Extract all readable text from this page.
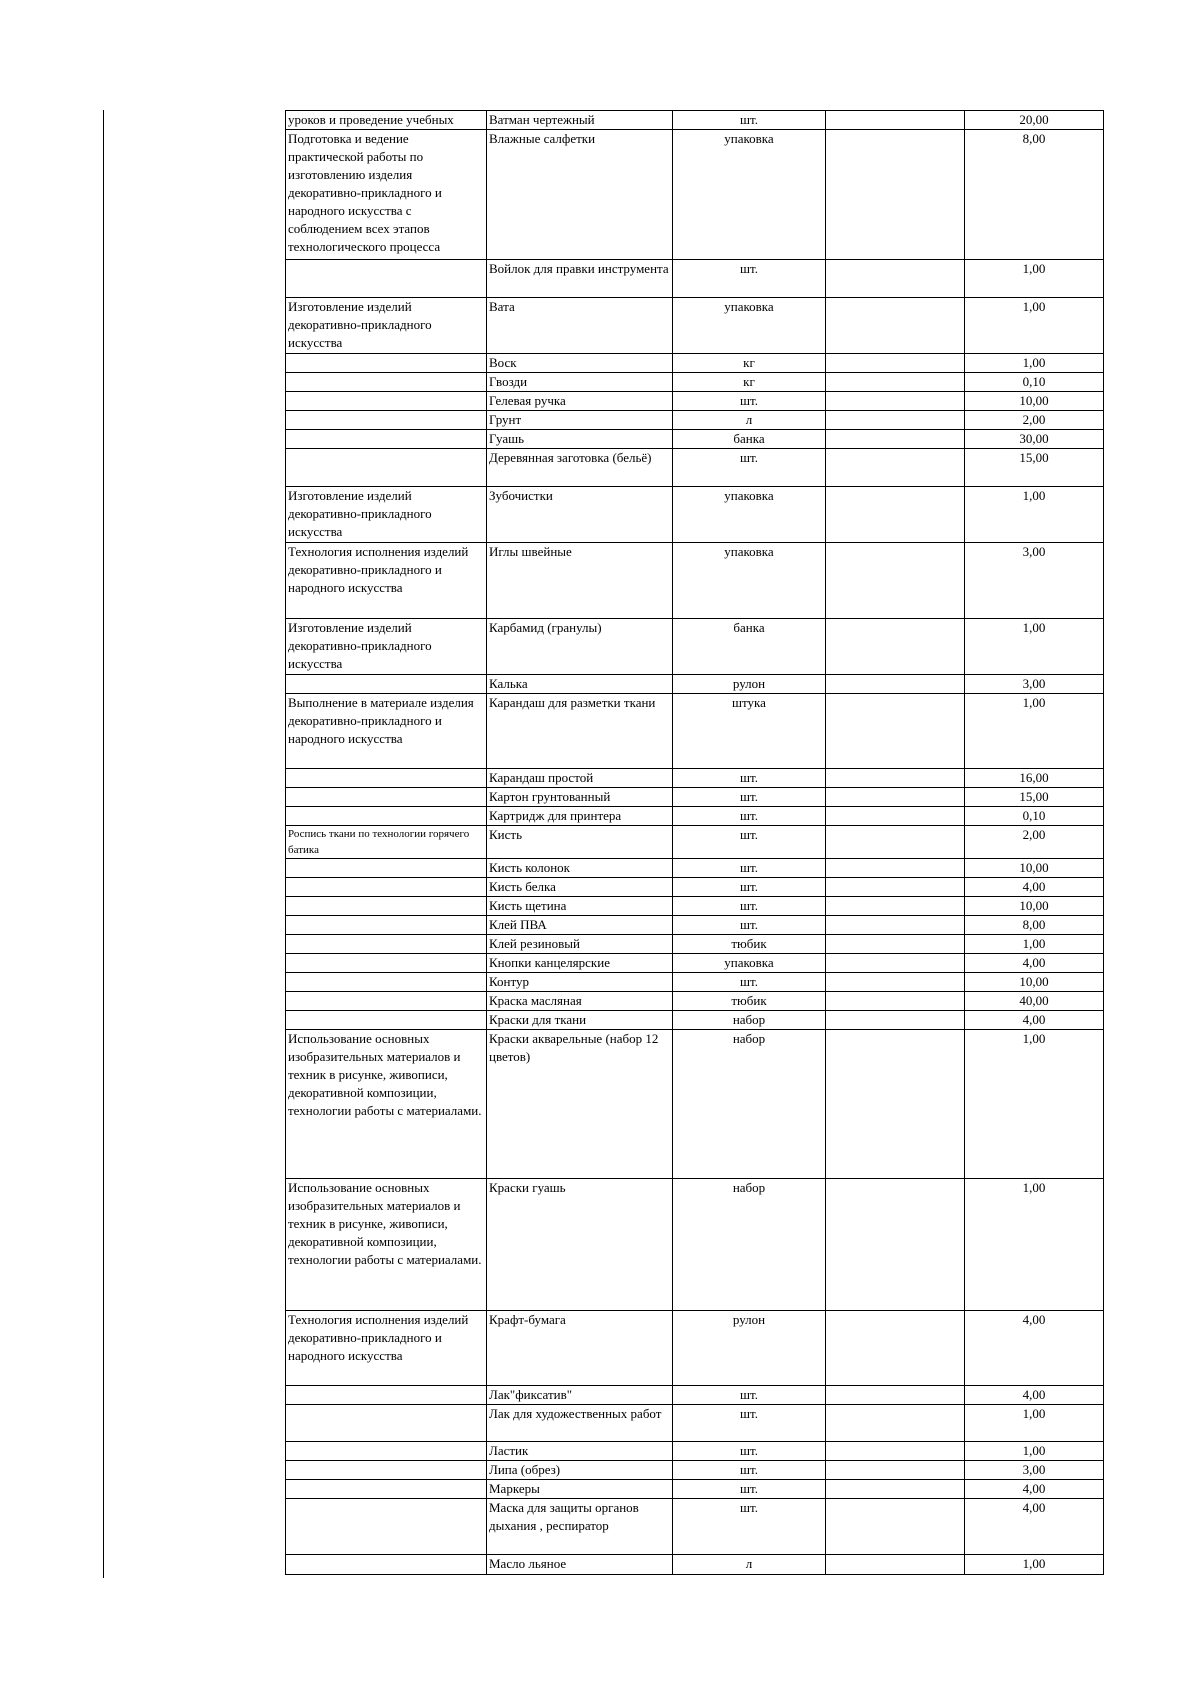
уроков и проведение учебных	Ватман чертежный	шт.		20,00
Подготовка и ведение практической работы по изготовлению изделия декоративно-прикладного и народного искусства с соблюдением всех этапов технологического процесса	Влажные салфетки	упаковка		8,00
	Войлок для правки инструмента	шт.		1,00
Изготовление изделий декоративно-прикладного искусства	Вата	упаковка		1,00
	Воск	кг		1,00
	Гвозди	кг		0,10
	Гелевая ручка	шт.		10,00
	Грунт	л		2,00
	Гуашь	банка		30,00
	Деревянная заготовка (бельё)	шт.		15,00
Изготовление изделий декоративно-прикладного искусства	Зубочистки	упаковка		1,00
Технология исполнения изделий декоративно-прикладного и народного искусства	Иглы швейные	упаковка		3,00
Изготовление изделий декоративно-прикладного искусства	Карбамид (гранулы)	банка		1,00
	Калька	рулон		3,00
Выполнение в материале изделия декоративно-прикладного и народного искусства	Карандаш для разметки ткани	штука		1,00
	Карандаш простой	шт.		16,00
	Картон грунтованный	шт.		15,00
	Картридж для принтера	шт.		0,10
Роспись ткани по технологии горячего батика	Кисть	шт.		2,00
	Кисть колонок	шт.		10,00
	Кисть белка	шт.		4,00
	Кисть щетина	шт.		10,00
	Клей ПВА	шт.		8,00
	Клей резиновый	тюбик		1,00
	Кнопки канцелярские	упаковка		4,00
	Контур	шт.		10,00
	Краска масляная	тюбик		40,00
	Краски для ткани	набор		4,00
Использование основных изобразительных материалов и техник в рисунке, живописи, декоративной композиции, технологии работы с материалами.	Краски акварельные (набор 12 цветов)	набор		1,00
Использование основных изобразительных материалов и техник в рисунке, живописи, декоративной композиции, технологии работы с материалами.	Краски гуашь	набор		1,00
Технология исполнения изделий декоративно-прикладного и народного искусства	Крафт-бумага	рулон		4,00
	Лак"фиксатив"	шт.		4,00
	Лак для художественных работ	шт.		1,00
	Ластик	шт.		1,00
	Липа (обрез)	шт.		3,00
	Маркеры	шт.		4,00
	Маска для защиты органов дыхания , респиратор	шт.		4,00
	Масло льяное	л		1,00
